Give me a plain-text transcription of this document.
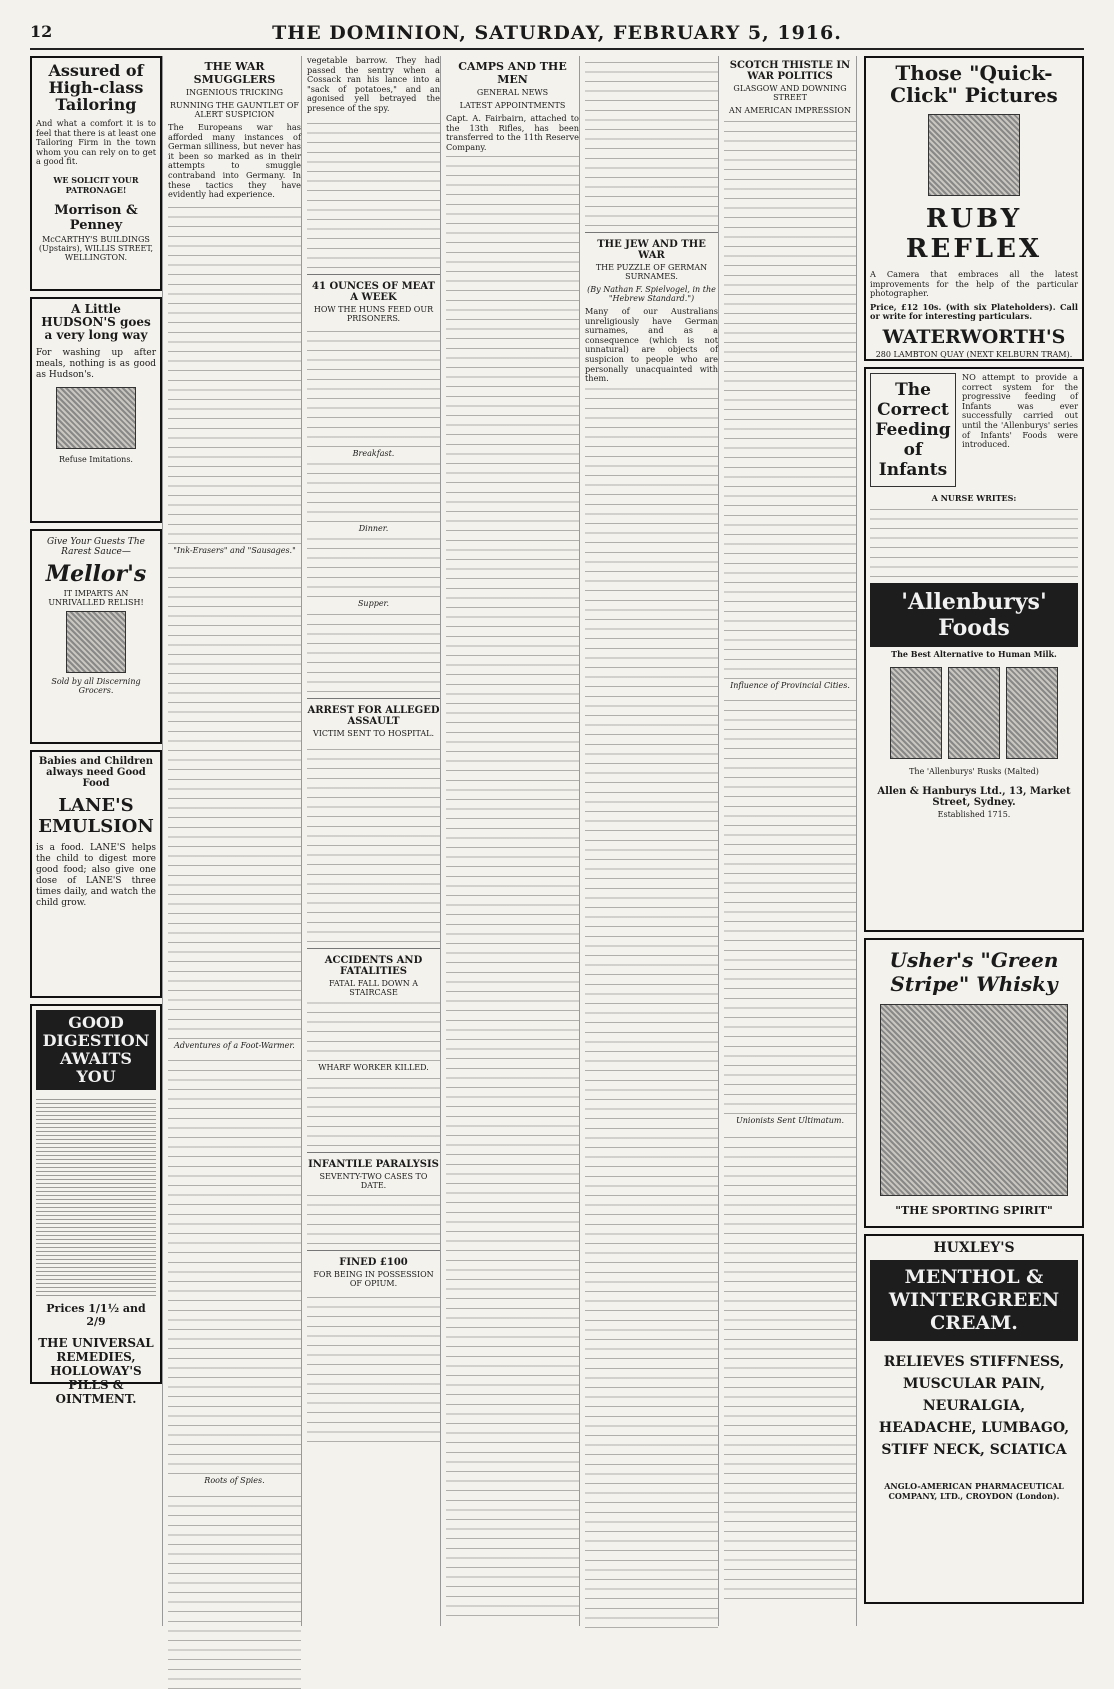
12	THE DOMINION, SATURDAY, FEBRUARY 5, 1916.
Assured of High-class Tailoring

And what a comfort it is to feel that there is at least one Tailoring Firm in the town whom you can rely on to get a good fit.

WE SOLICIT YOUR PATRONAGE!
Morrison & Penney
McCARTHY'S BUILDINGS (Upstairs), WILLIS STREET, WELLINGTON.
A Little HUDSON'S goes a very long way

For washing up after meals, nothing is as good as Hudson's.

Refuse Imitations.
Give Your Guests The Rarest Sauce—
Mellor's
IT IMPARTS AN UNRIVALLED RELISH!
Sold by all Discerning Grocers.
Babies and Children always need Good Food
LANE'S EMULSION

is a food. LANE'S helps the child to digest more good food; also give one dose of LANE'S three times daily, and watch the child grow.

GOOD DIGESTION AWAITS YOU
Prices 1/1½ and 2/9
THE UNIVERSAL REMEDIES, HOLLOWAY'S PILLS & OINTMENT.
THE WAR SMUGGLERS
INGENIOUS TRICKING
RUNNING THE GAUNTLET OF ALERT SUSPICION

The Europeans war has afforded many instances of German silliness, but never has it been so marked as in their attempts to smuggle contraband into Germany. In these tactics they have evidently had experience.

"Ink-Erasers" and "Sausages."
Adventures of a Foot-Warmer.
Roots of Spies.

vegetable barrow. They had passed the sentry when a Cossack ran his lance into a "sack of potatoes," and an agonised yell betrayed the presence of the spy.

41 OUNCES OF MEAT A WEEK
HOW THE HUNS FEED OUR PRISONERS.
Breakfast.
Dinner.
Supper.
ARREST FOR ALLEGED ASSAULT
VICTIM SENT TO HOSPITAL.
ACCIDENTS AND FATALITIES
FATAL FALL DOWN A STAIRCASE
WHARF WORKER KILLED.
INFANTILE PARALYSIS
SEVENTY-TWO CASES TO DATE.
FINED £100
FOR BEING IN POSSESSION OF OPIUM.
CAMPS AND THE MEN
GENERAL NEWS
LATEST APPOINTMENTS

Capt. A. Fairbairn, attached to the 13th Rifles, has been transferred to the 11th Reserve Company.

THE JEW AND THE WAR
THE PUZZLE OF GERMAN SURNAMES.
(By Nathan F. Spielvogel, in the "Hebrew Standard.")

Many of our Australians unreligiously have German surnames, and as a consequence (which is not unnatural) are objects of suspicion to people who are personally unacquainted with them.

SCOTCH THISTLE IN WAR POLITICS
GLASGOW AND DOWNING STREET
AN AMERICAN IMPRESSION
Influence of Provincial Cities.
Unionists Sent Ultimatum.
Those "Quick-Click" Pictures
RUBY REFLEX

A Camera that embraces all the latest improvements for the help of the particular photographer.

Price, £12 10s. (with six Plateholders). Call or write for interesting particulars.

WATERWORTH'S
280 LAMBTON QUAY (NEXT KELBURN TRAM).
The Correct Feeding of Infants

NO attempt to provide a correct system for the progressive feeding of Infants was ever successfully carried out until the 'Allenburys' series of Infants' Foods were introduced.

A NURSE WRITES:
'Allenburys' Foods
The Best Alternative to Human Milk.
The 'Allenburys' Rusks (Malted)
Allen & Hanburys Ltd., 13, Market Street, Sydney.
Established 1715.
Usher's "Green Stripe" Whisky
"THE SPORTING SPIRIT"
HUXLEY'S
MENTHOL & WINTERGREEN CREAM.
RELIEVES STIFFNESS, MUSCULAR PAIN, NEURALGIA, HEADACHE, LUMBAGO, STIFF NECK, SCIATICA
ANGLO-AMERICAN PHARMACEUTICAL COMPANY, LTD., CROYDON (London).
